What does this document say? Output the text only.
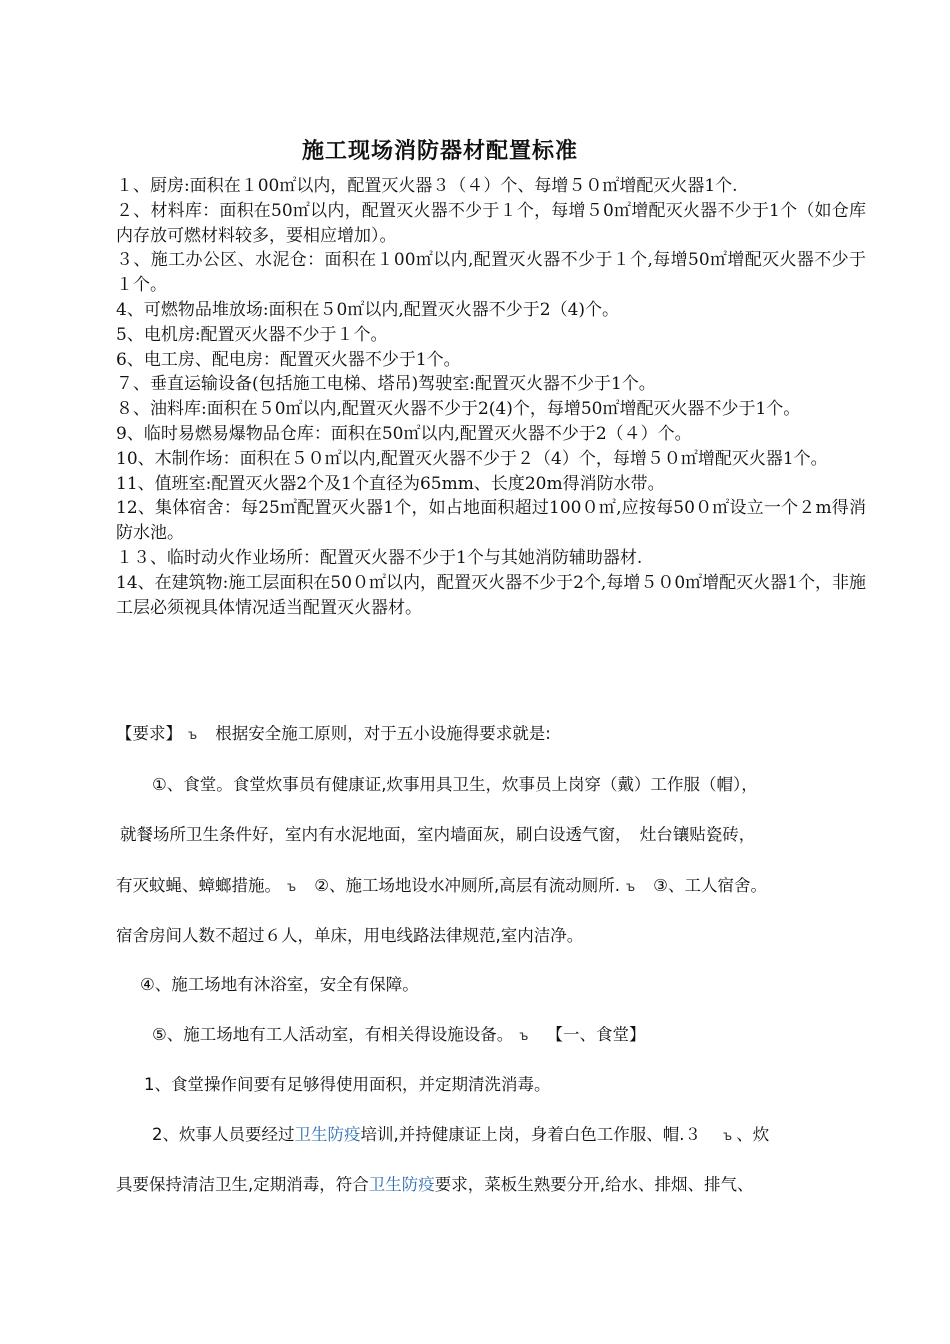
施工现场消防器材配置标准

１、厨房:面积在１00㎡以内，配置灭火器３（４）个、每增５０㎡增配灭火器1个.

２、材料库：面积在50㎡以内，配置灭火器不少于１个，每增５0㎡增配灭火器不少于1个（如仓库内存放可燃材料较多，要相应增加）。

３、施工办公区、水泥仓：面积在１00㎡以内,配置灭火器不少于１个,每增50㎡增配灭火器不少于１个。

4、可燃物品堆放场:面积在５0㎡以内,配置灭火器不少于2（4)个。

5、电机房:配置灭火器不少于１个。

6、电工房、配电房：配置灭火器不少于1个。

７、垂直运输设备(包括施工电梯、塔吊)驾驶室:配置灭火器不少于1个。

８、油料库:面积在５0㎡以内,配置灭火器不少于2(4)个，每增50㎡增配灭火器不少于1个。

9、临时易燃易爆物品仓库：面积在50㎡以内,配置灭火器不少于2（４）个。

10、木制作场：面积在５０㎡以内,配置灭火器不少于２（4）个，每增５０㎡增配灭火器1个。

11、值班室:配置灭火器2个及1个直径为65mm、长度20m得消防水带。

12、集体宿舍：每25㎡配置灭火器1个，如占地面积超过100０㎡,应按每50０㎡设立一个２m得消防水池。

１３、临时动火作业场所：配置灭火器不少于1个与其她消防辅助器材.

14、在建筑物:施工层面积在50０㎡以内，配置灭火器不少于2个,每增５０0㎡增配灭火器1个，非施工层必须视具体情况适当配置灭火器材。

【要求】 ъ 根据安全施工原则，对于五小设施得要求就是:
①、食堂。食堂炊事员有健康证,炊事用具卫生，炊事员上岗穿（戴）工作服（帽），
就餐场所卫生条件好，室内有水泥地面，室内墙面灰，刷白设透气窗，　灶台镶贴瓷砖，
有灭蚊蝇、蟑螂措施。 ъ ②、施工场地设水冲厕所,高层有流动厕所. ъ ③、工人宿舍。
宿舍房间人数不超过６人，单床，用电线路法律规范,室内洁净。
④、施工场地有沐浴室，安全有保障。
⑤、施工场地有工人活动室，有相关得设施设备。 ъ 【一、食堂】
1、食堂操作间要有足够得使用面积，并定期清洗消毒。
2、炊事人员要经过卫生防疫培训,并持健康证上岗，身着白色工作服、帽.３ ъ 、炊
具要保持清洁卫生,定期消毒，符合卫生防疫要求，菜板生熟要分开,给水、排烟、排气、
